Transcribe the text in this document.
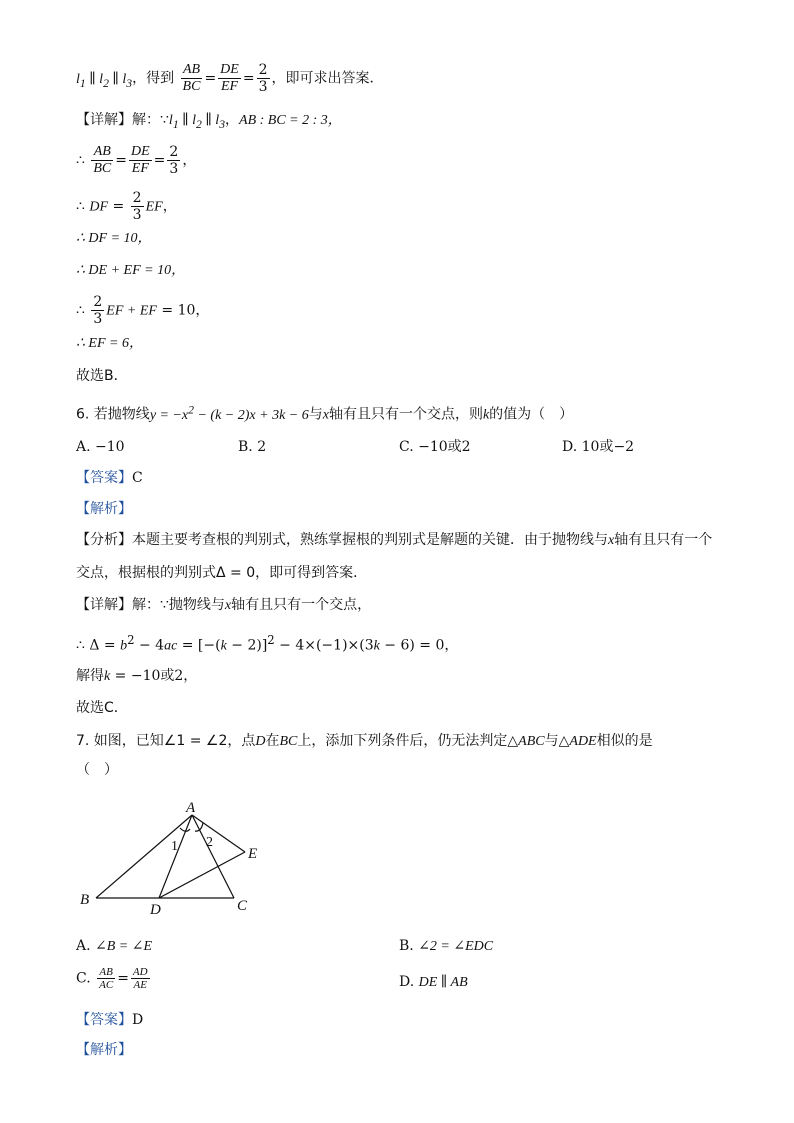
$l_1$ ∥ $l_2$ ∥ $l_3$，得到 $\frac{AB}{BC} = \frac{DE}{EF} = \frac{2}{3}$ ，即可求出答案．
【详解】解：$\because l_1$ ∥ $l_2$ ∥ $l_3$，AB : BC = 2 : 3，
∴ $\frac{AB}{BC} = \frac{DE}{EF} = \frac{2}{3}$ ，
∴ DF = $\frac{2}{3}$ EF，
∴ DF = 10，
∴ DE + EF = 10，
∴ $\frac{2}{3}$ EF + EF = 10，
∴ EF = 6，
故选B．
6. 若抛物线$y = -x^2 - (k - 2)x + 3k - 6$与x轴有且只有一个交点，则k的值为（　）
A. −10	B. 2	C. −10或2	D. 10或−2
【答案】C
【解析】
【分析】本题主要考查根的判别式，熟练掌握根的判别式是解题的关键．由于抛物线与x轴有且只有一个
交点，根据根的判别式Δ = 0，即可得到答案．
【详解】解：∵抛物线与x轴有且只有一个交点，
∴ $\Delta = b^2 - 4ac = [-(k - 2)]^2 - 4\times(-1)\times(3k - 6) = 0$，
解得k = −10或2，
故选C．
7. 如图，已知∠1 = ∠2，点D在BC上，添加下列条件后，仍无法判定△ABC与△ADE相似的是
（　）
A
B	C
D
E
1 2
A. ∠B = ∠E	B. ∠2 = ∠EDC
C. $\frac{AB}{AC} = \frac{AD}{AE}$	D. DE ∥ AB
【答案】D
【解析】
